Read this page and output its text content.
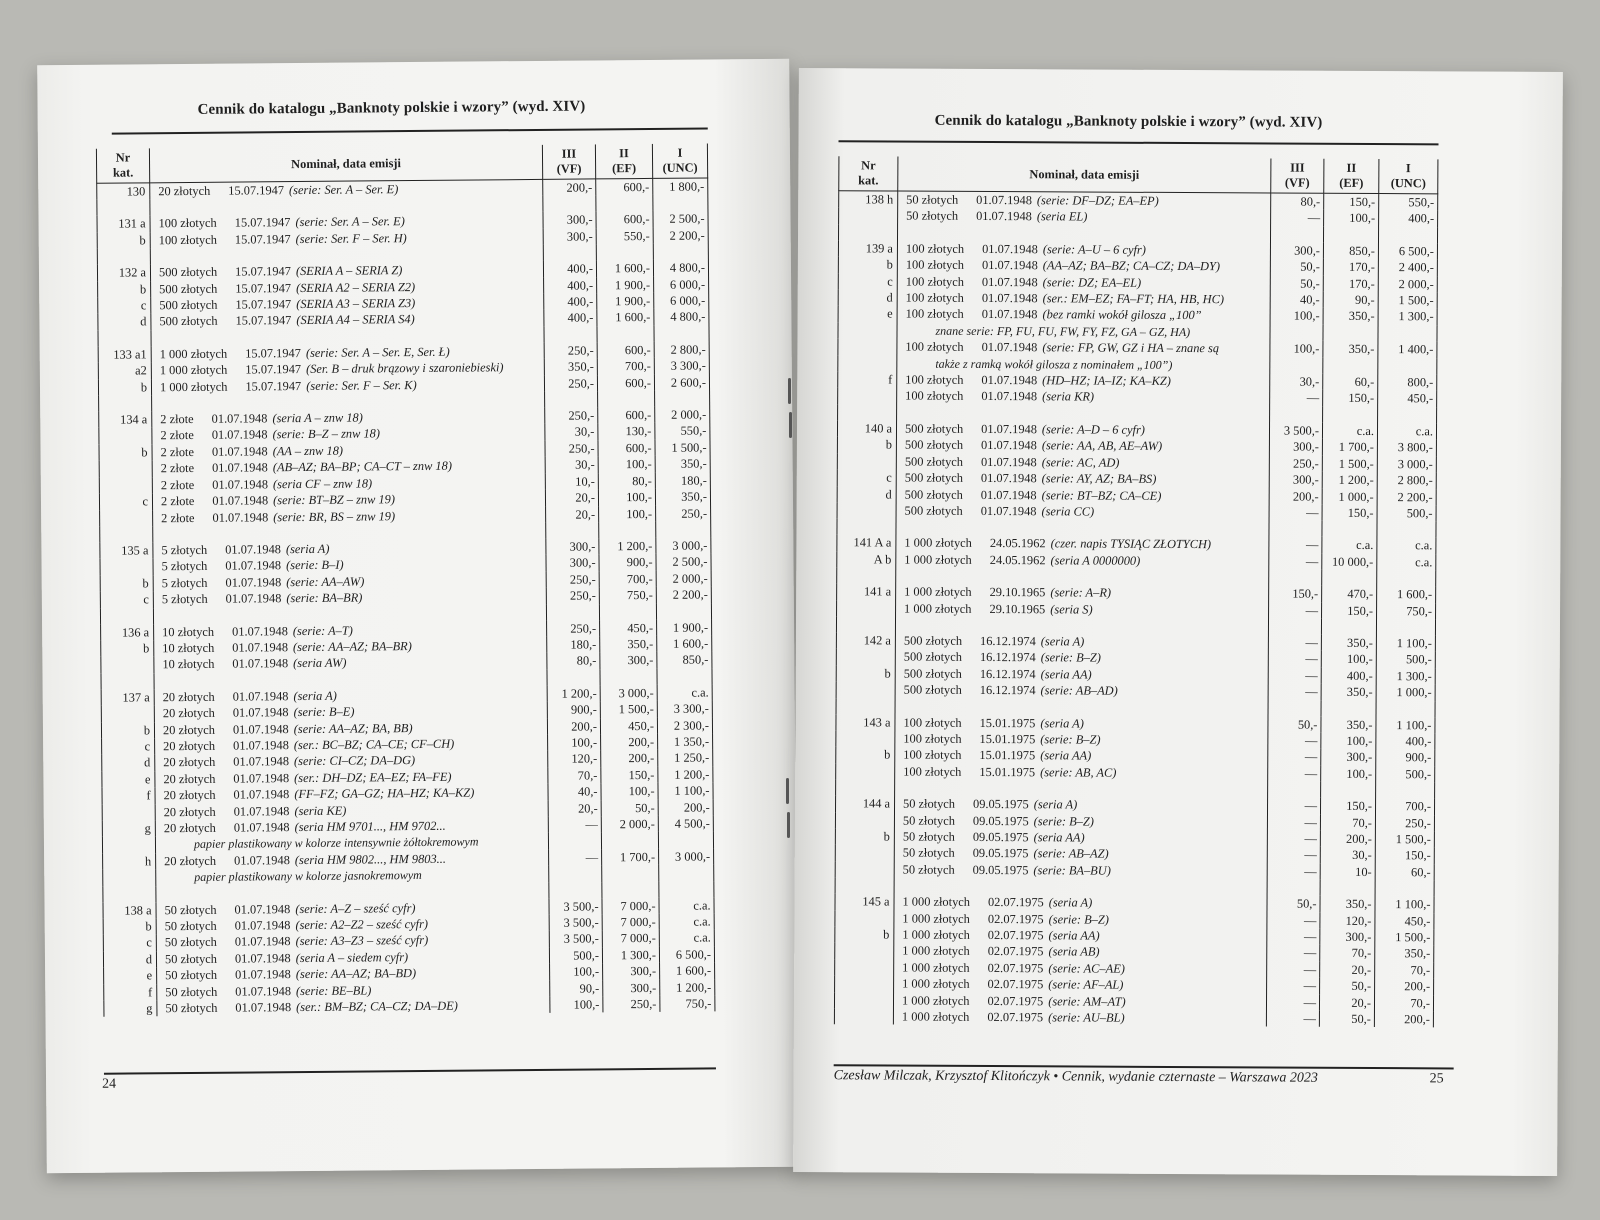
Cennik do katalogu „Banknoty polskie i wzory” (wyd. XIV)
Nr
kat.	Nominał, data emisji	III
(VF)	II
(EF)	I
(UNC)
130	20 złotych 15.07.1947 (serie: Ser. A – Ser. E)	200,-	600,-	1 800,-

131 a	100 złotych 15.07.1947 (serie: Ser. A – Ser. E)	300,-	600,-	2 500,-
b	100 złotych 15.07.1947 (serie: Ser. F – Ser. H)	300,-	550,-	2 200,-

132 a	500 złotych 15.07.1947 (SERIA A – SERIA Z)	400,-	1 600,-	4 800,-
b	500 złotych 15.07.1947 (SERIA A2 – SERIA Z2)	400,-	1 900,-	6 000,-
c	500 złotych 15.07.1947 (SERIA A3 – SERIA Z3)	400,-	1 900,-	6 000,-
d	500 złotych 15.07.1947 (SERIA A4 – SERIA S4)	400,-	1 600,-	4 800,-

133 a1	1 000 złotych 15.07.1947 (serie: Ser. A – Ser. E, Ser. Ł)	250,-	600,-	2 800,-
a2	1 000 złotych 15.07.1947 (Ser. B – druk brązowy i szaroniebieski)	350,-	700,-	3 300,-
b	1 000 złotych 15.07.1947 (serie: Ser. F – Ser. K)	250,-	600,-	2 600,-

134 a	2 złote 01.07.1948 (seria A – znw 18)	250,-	600,-	2 000,-
	2 złote 01.07.1948 (serie: B–Z – znw 18)	30,-	130,-	550,-
b	2 złote 01.07.1948 (AA – znw 18)	250,-	600,-	1 500,-
	2 złote 01.07.1948 (AB–AZ; BA–BP; CA–CT – znw 18)	30,-	100,-	350,-
	2 złote 01.07.1948 (seria CF – znw 18)	10,-	80,-	180,-
c	2 złote 01.07.1948 (serie: BT–BZ – znw 19)	20,-	100,-	350,-
	2 złote 01.07.1948 (serie: BR, BS – znw 19)	20,-	100,-	250,-

135 a	5 złotych 01.07.1948 (seria A)	300,-	1 200,-	3 000,-
	5 złotych 01.07.1948 (serie: B–I)	300,-	900,-	2 500,-
b	5 złotych 01.07.1948 (serie: AA–AW)	250,-	700,-	2 000,-
c	5 złotych 01.07.1948 (serie: BA–BR)	250,-	750,-	2 200,-

136 a	10 złotych 01.07.1948 (serie: A–T)	250,-	450,-	1 900,-
b	10 złotych 01.07.1948 (serie: AA–AZ; BA–BR)	180,-	350,-	1 600,-
	10 złotych 01.07.1948 (seria AW)	80,-	300,-	850,-

137 a	20 złotych 01.07.1948 (seria A)	1 200,-	3 000,-	c.a.
	20 złotych 01.07.1948 (serie: B–E)	900,-	1 500,-	3 300,-
b	20 złotych 01.07.1948 (serie: AA–AZ; BA, BB)	200,-	450,-	2 300,-
c	20 złotych 01.07.1948 (ser.: BC–BZ; CA–CE; CF–CH)	100,-	200,-	1 350,-
d	20 złotych 01.07.1948 (serie: CI–CZ; DA–DG)	120,-	200,-	1 250,-
e	20 złotych 01.07.1948 (ser.: DH–DZ; EA–EZ; FA–FE)	70,-	150,-	1 200,-
f	20 złotych 01.07.1948 (FF–FZ; GA–GZ; HA–HZ; KA–KZ)	40,-	100,-	1 100,-
	20 złotych 01.07.1948 (seria KE)	20,-	50,-	200,-
g	20 złotych 01.07.1948 (seria HM 9701..., HM 9702...	—	2 000,-	4 500,-
	papier plastikowany w kolorze intensywnie żółtokremowym			
h	20 złotych 01.07.1948 (seria HM 9802..., HM 9803...	—	1 700,-	3 000,-
	papier plastikowany w kolorze jasnokremowym			

138 a	50 złotych 01.07.1948 (serie: A–Z – sześć cyfr)	3 500,-	7 000,-	c.a.
b	50 złotych 01.07.1948 (serie: A2–Z2 – sześć cyfr)	3 500,-	7 000,-	c.a.
c	50 złotych 01.07.1948 (serie: A3–Z3 – sześć cyfr)	3 500,-	7 000,-	c.a.
d	50 złotych 01.07.1948 (seria A – siedem cyfr)	500,-	1 300,-	6 500,-
e	50 złotych 01.07.1948 (serie: AA–AZ; BA–BD)	100,-	300,-	1 600,-
f	50 złotych 01.07.1948 (serie: BE–BL)	90,-	300,-	1 200,-
g	50 złotych 01.07.1948 (ser.: BM–BZ; CA–CZ; DA–DE)	100,-	250,-	750,-
24
Cennik do katalogu „Banknoty polskie i wzory” (wyd. XIV)
Nr
kat.	Nominał, data emisji	III
(VF)	II
(EF)	I
(UNC)
138 h	50 złotych 01.07.1948 (serie: DF–DZ; EA–EP)	80,-	150,-	550,-
	50 złotych 01.07.1948 (seria EL)	—	100,-	400,-

139 a	100 złotych 01.07.1948 (serie: A–U – 6 cyfr)	300,-	850,-	6 500,-
b	100 złotych 01.07.1948 (AA–AZ; BA–BZ; CA–CZ; DA–DY)	50,-	170,-	2 400,-
c	100 złotych 01.07.1948 (serie: DZ; EA–EL)	50,-	170,-	2 000,-
d	100 złotych 01.07.1948 (ser.: EM–EZ; FA–FT; HA, HB, HC)	40,-	90,-	1 500,-
e	100 złotych 01.07.1948 (bez ramki wokół gilosza „100”	100,-	350,-	1 300,-
	znane serie: FP, FU, FU, FW, FY, FZ, GA – GZ, HA)			
	100 złotych 01.07.1948 (serie: FP, GW, GZ i HA – znane są	100,-	350,-	1 400,-
	także z ramką wokół gilosza z nominałem „100”)			
f	100 złotych 01.07.1948 (HD–HZ; IA–IZ; KA–KZ)	30,-	60,-	800,-
	100 złotych 01.07.1948 (seria KR)	—	150,-	450,-

140 a	500 złotych 01.07.1948 (serie: A–D – 6 cyfr)	3 500,-	c.a.	c.a.
b	500 złotych 01.07.1948 (serie: AA, AB, AE–AW)	300,-	1 700,-	3 800,-
	500 złotych 01.07.1948 (serie: AC, AD)	250,-	1 500,-	3 000,-
c	500 złotych 01.07.1948 (serie: AY, AZ; BA–BS)	300,-	1 200,-	2 800,-
d	500 złotych 01.07.1948 (serie: BT–BZ; CA–CE)	200,-	1 000,-	2 200,-
	500 złotych 01.07.1948 (seria CC)	—	150,-	500,-

141 A a	1 000 złotych 24.05.1962 (czer. napis TYSIĄC ZŁOTYCH)	—	c.a.	c.a.
A b	1 000 złotych 24.05.1962 (seria A 0000000)	—	10 000,-	c.a.

141 a	1 000 złotych 29.10.1965 (serie: A–R)	150,-	470,-	1 600,-
	1 000 złotych 29.10.1965 (seria S)	—	150,-	750,-

142 a	500 złotych 16.12.1974 (seria A)	—	350,-	1 100,-
	500 złotych 16.12.1974 (serie: B–Z)	—	100,-	500,-
b	500 złotych 16.12.1974 (seria AA)	—	400,-	1 300,-
	500 złotych 16.12.1974 (serie: AB–AD)	—	350,-	1 000,-

143 a	100 złotych 15.01.1975 (seria A)	50,-	350,-	1 100,-
	100 złotych 15.01.1975 (serie: B–Z)	—	100,-	400,-
b	100 złotych 15.01.1975 (seria AA)	—	300,-	900,-
	100 złotych 15.01.1975 (serie: AB, AC)	—	100,-	500,-

144 a	50 złotych 09.05.1975 (seria A)	—	150,-	700,-
	50 złotych 09.05.1975 (serie: B–Z)	—	70,-	250,-
b	50 złotych 09.05.1975 (seria AA)	—	200,-	1 500,-
	50 złotych 09.05.1975 (serie: AB–AZ)	—	30,-	150,-
	50 złotych 09.05.1975 (serie: BA–BU)	—	10-	60,-

145 a	1 000 złotych 02.07.1975 (seria A)	50,-	350,-	1 100,-
	1 000 złotych 02.07.1975 (serie: B–Z)	—	120,-	450,-
b	1 000 złotych 02.07.1975 (seria AA)	—	300,-	1 500,-
	1 000 złotych 02.07.1975 (seria AB)	—	70,-	350,-
	1 000 złotych 02.07.1975 (serie: AC–AE)	—	20,-	70,-
	1 000 złotych 02.07.1975 (serie: AF–AL)	—	50,-	200,-
	1 000 złotych 02.07.1975 (serie: AM–AT)	—	20,-	70,-
	1 000 złotych 02.07.1975 (serie: AU–BL)	—	50,-	200,-
Czesław Milczak, Krzysztof Klitończyk • Cennik, wydanie czternaste – Warszawa 2023	25
